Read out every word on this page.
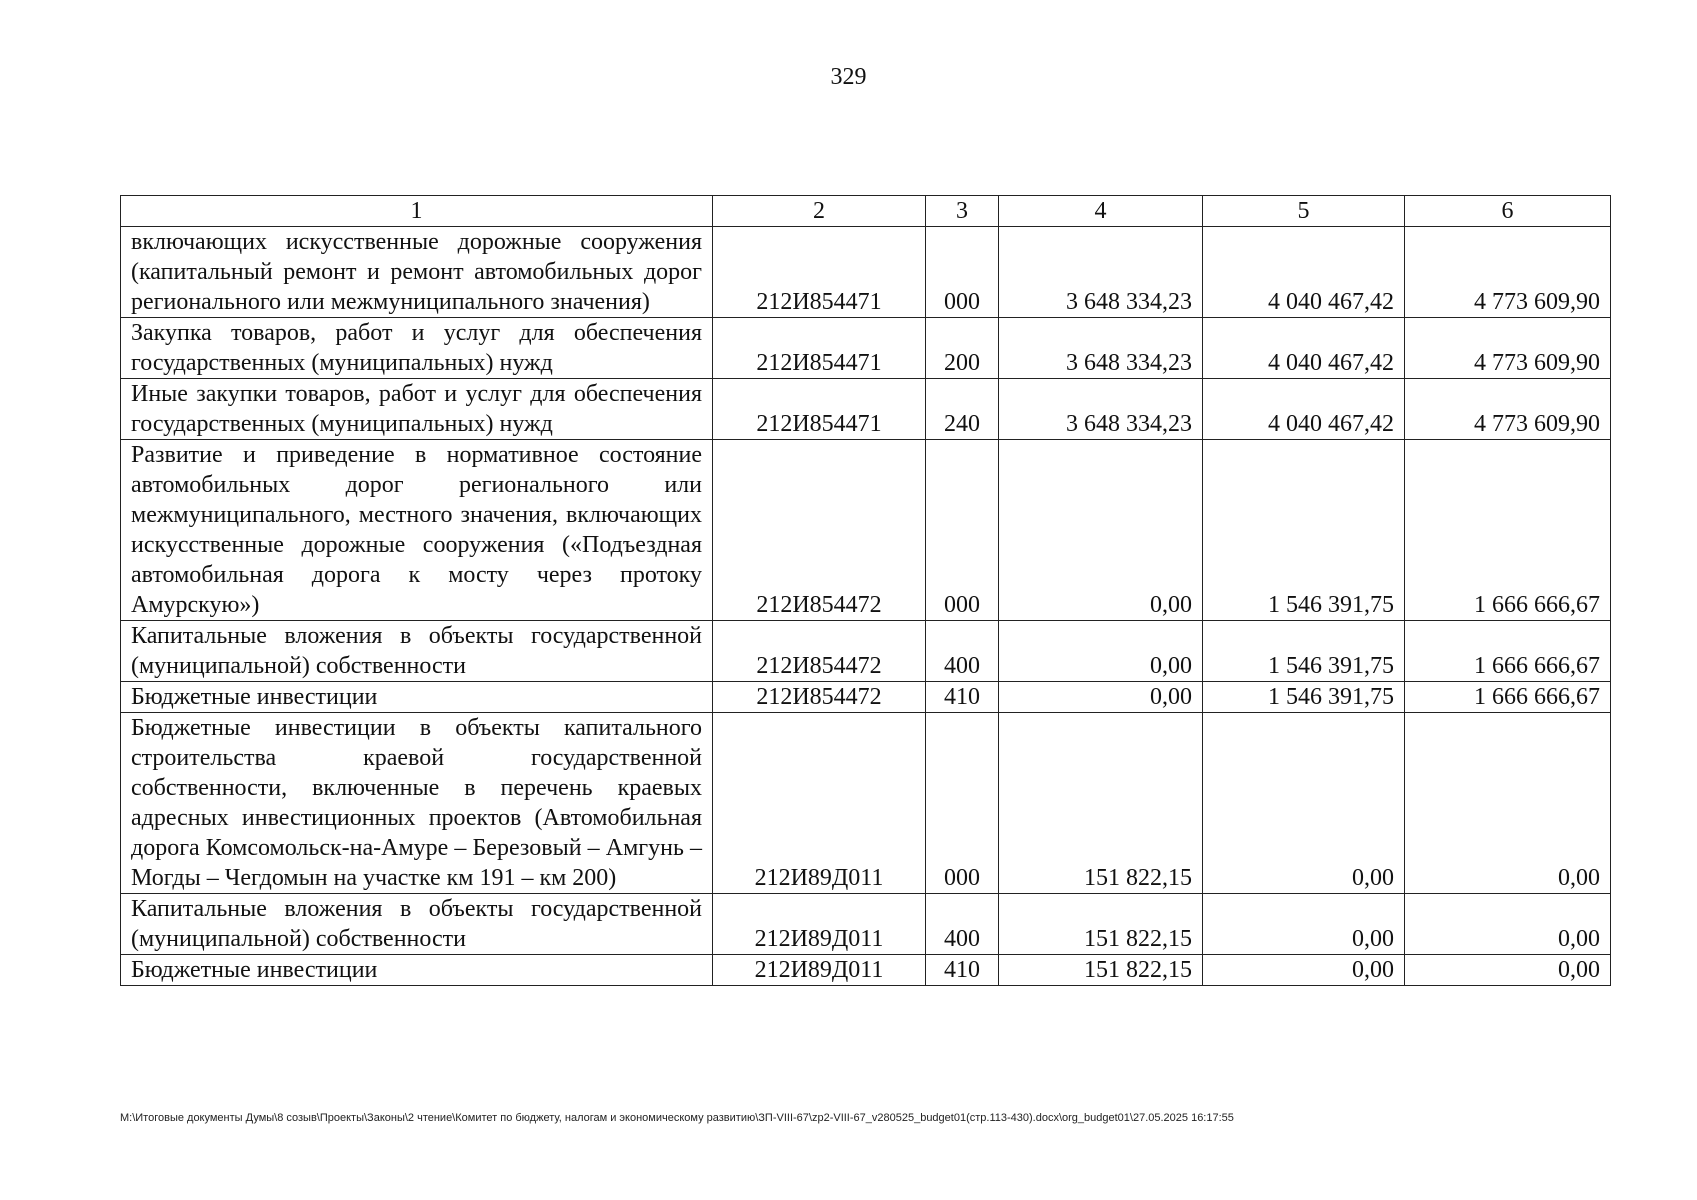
329
1	2	3	4	5	6
включающих искусственные дорожные сооружения (капитальный ремонт и ремонт автомобильных дорог регионального или межмуниципального значения)	212И854471	000	3 648 334,23	4 040 467,42	4 773 609,90
Закупка товаров, работ и услуг для обеспечения государственных (муниципальных) нужд	212И854471	200	3 648 334,23	4 040 467,42	4 773 609,90
Иные закупки товаров, работ и услуг для обеспечения государственных (муниципальных) нужд	212И854471	240	3 648 334,23	4 040 467,42	4 773 609,90
Развитие и приведение в нормативное состояние автомобильных дорог регионального или межмуниципального, местного значения, включающих искусственные дорожные сооружения («Подъездная автомобильная дорога к мосту через протоку Амурскую»)	212И854472	000	0,00	1 546 391,75	1 666 666,67
Капитальные вложения в объекты государственной (муниципальной) собственности	212И854472	400	0,00	1 546 391,75	1 666 666,67
Бюджетные инвестиции	212И854472	410	0,00	1 546 391,75	1 666 666,67
Бюджетные инвестиции в объекты капитального строительства краевой государственной собственности, включенные в перечень краевых адресных инвестиционных проектов (Автомобильная дорога Комсомольск-на-Амуре – Березовый – Амгунь – Могды – Чегдомын на участке км 191 – км 200)	212И89Д011	000	151 822,15	0,00	0,00
Капитальные вложения в объекты государственной (муниципальной) собственности	212И89Д011	400	151 822,15	0,00	0,00
Бюджетные инвестиции	212И89Д011	410	151 822,15	0,00	0,00
M:\Итоговые документы Думы\8 созыв\Проекты\Законы\2 чтение\Комитет по бюджету, налогам и экономическому развитию\ЗП-VIII-67\zp2-VIII-67_v280525_budget01(стр.113-430).docx\org_budget01\27.05.2025 16:17:55
